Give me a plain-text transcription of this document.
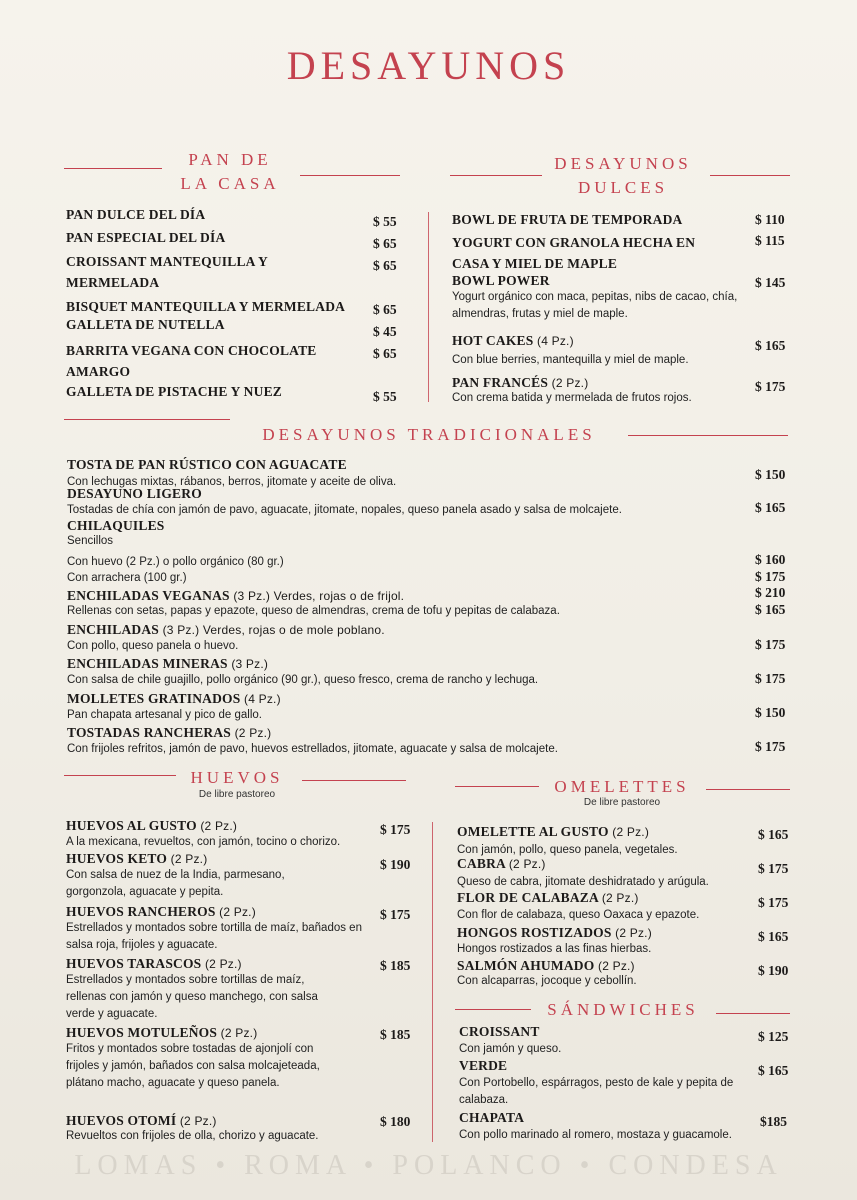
DESAYUNOS
PAN DE
LA CASA
PAN DULCE DEL DÍA	$ 55
PAN ESPECIAL DEL DÍA	$ 65
CROISSANT MANTEQUILLA Y MERMELADA
$ 65
BISQUET MANTEQUILLA Y MERMELADA $ 65
GALLETA DE NUTELLA	$ 45
BARRITA VEGANA CON CHOCOLATE AMARGO
$ 65
GALLETA DE PISTACHE Y NUEZ	$ 55
DESAYUNOS
DULCES
BOWL DE FRUTA DE TEMPORADA	$ 110
YOGURT CON GRANOLA HECHA EN CASA Y MIEL DE MAPLE
$ 115
BOWL POWER	$ 145
Yogurt orgánico con maca, pepitas, nibs de cacao, chía, almendras, frutas y miel de maple.
HOT CAKES (4 Pz.)	$ 165
Con blue berries, mantequilla y miel de maple.
PAN FRANCÉS (2 Pz.)	$ 175
Con crema batida y mermelada de frutos rojos.
DESAYUNOS TRADICIONALES
TOSTA DE PAN RÚSTICO CON AGUACATE
Con lechugas mixtas, rábanos, berros, jitomate y aceite de oliva.	$ 150
DESAYUNO LIGERO
Tostadas de chía con jamón de pavo, aguacate, jitomate, nopales, queso panela asado y salsa de molcajete.	$ 165
CHILAQUILES
Sencillos
Con huevo (2 Pz.) o pollo orgánico (80 gr.)	$ 160
Con arrachera (100 gr.)	$ 175
ENCHILADAS VEGANAS (3 Pz.) Verdes, rojas o de frijol.	$ 210
Rellenas con setas, papas y epazote, queso de almendras, crema de tofu y pepitas de calabaza.	$ 165
ENCHILADAS (3 Pz.) Verdes, rojas o de mole poblano.
Con pollo, queso panela o huevo.	$ 175
ENCHILADAS MINERAS (3 Pz.)
Con salsa de chile guajillo, pollo orgánico (90 gr.), queso fresco, crema de rancho y lechuga.	$ 175
MOLLETES GRATINADOS (4 Pz.)
Pan chapata artesanal y pico de gallo.	$ 150
TOSTADAS RANCHERAS (2 Pz.)
Con frijoles refritos, jamón de pavo, huevos estrellados, jitomate, aguacate y salsa de molcajete.	$ 175
HUEVOS
De libre pastoreo
HUEVOS AL GUSTO (2 Pz.)	$ 175
A la mexicana, revueltos, con jamón, tocino o chorizo.
HUEVOS KETO (2 Pz.)	$ 190
Con salsa de nuez de la India, parmesano, gorgonzola, aguacate y pepita.
HUEVOS RANCHEROS (2 Pz.)	$ 175
Estrellados y montados sobre tortilla de maíz, bañados en salsa roja, frijoles y aguacate.
HUEVOS TARASCOS (2 Pz.)	$ 185
Estrellados y montados sobre tortillas de maíz, rellenas con jamón y queso manchego, con salsa verde y aguacate.
HUEVOS MOTULEÑOS (2 Pz.)	$ 185
Fritos y montados sobre tostadas de ajonjolí con frijoles y jamón, bañados con salsa molcajeteada, plátano macho, aguacate y queso panela.
HUEVOS OTOMÍ (2 Pz.)	$ 180
Revueltos con frijoles de olla, chorizo y aguacate.
OMELETTES
De libre pastoreo
OMELETTE AL GUSTO (2 Pz.)	$ 165
Con jamón, pollo, queso panela, vegetales.
CABRA (2 Pz.)	$ 175
Queso de cabra, jitomate deshidratado y arúgula.
FLOR DE CALABAZA (2 Pz.)	$ 175
Con flor de calabaza, queso Oaxaca y epazote.
HONGOS ROSTIZADOS (2 Pz.)	$ 165
Hongos rostizados a las finas hierbas.
SALMÓN AHUMADO (2 Pz.)	$ 190
Con alcaparras, jocoque y cebollín.
SÁNDWICHES
CROISSANT	$ 125
Con jamón y queso.
VERDE	$ 165
Con Portobello, espárragos, pesto de kale y pepita de calabaza.
CHAPATA	$185
Con pollo marinado al romero, mostaza y guacamole.
LOMAS • ROMA • POLANCO • CONDESA
